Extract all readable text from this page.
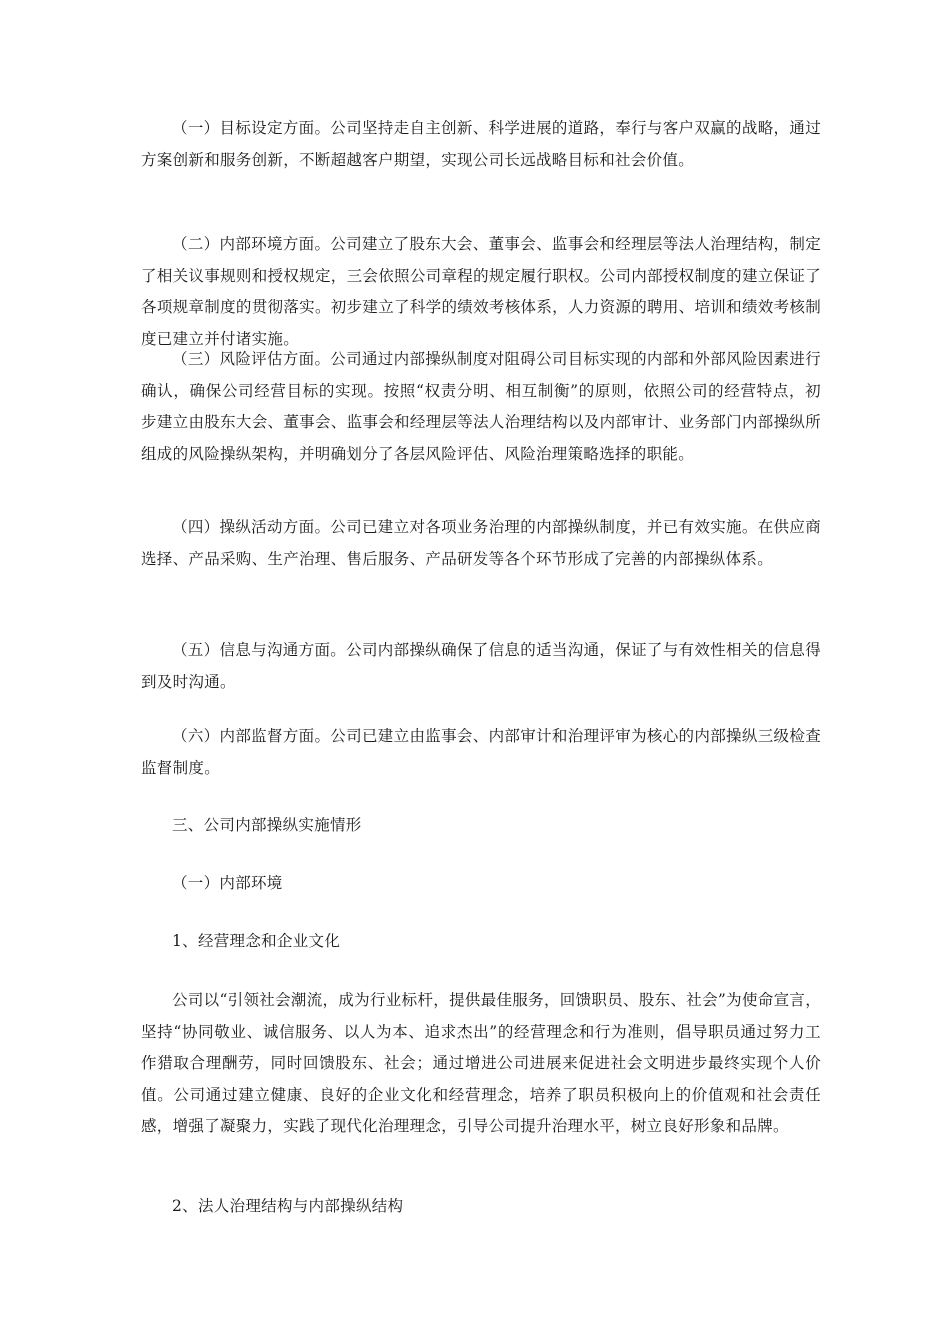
（一）目标设定方面。公司坚持走自主创新、科学进展的道路，奉行与客户双赢的战略，通过方案创新和服务创新，不断超越客户期望，实现公司长远战略目标和社会价值。

（二）内部环境方面。公司建立了股东大会、董事会、监事会和经理层等法人治理结构，制定了相关议事规则和授权规定，三会依照公司章程的规定履行职权。公司内部授权制度的建立保证了各项规章制度的贯彻落实。初步建立了科学的绩效考核体系，人力资源的聘用、培训和绩效考核制度已建立并付诸实施。

（三）风险评估方面。公司通过内部操纵制度对阻碍公司目标实现的内部和外部风险因素进行确认，确保公司经营目标的实现。按照“权责分明、相互制衡”的原则，依照公司的经营特点，初步建立由股东大会、董事会、监事会和经理层等法人治理结构以及内部审计、业务部门内部操纵所组成的风险操纵架构，并明确划分了各层风险评估、风险治理策略选择的职能。

（四）操纵活动方面。公司已建立对各项业务治理的内部操纵制度，并已有效实施。在供应商选择、产品采购、生产治理、售后服务、产品研发等各个环节形成了完善的内部操纵体系。

（五）信息与沟通方面。公司内部操纵确保了信息的适当沟通，保证了与有效性相关的信息得到及时沟通。

（六）内部监督方面。公司已建立由监事会、内部审计和治理评审为核心的内部操纵三级检查监督制度。

三、公司内部操纵实施情形

（一）内部环境

1、经营理念和企业文化

公司以“引领社会潮流，成为行业标杆，提供最佳服务，回馈职员、股东、社会”为使命宣言，坚持“协同敬业、诚信服务、以人为本、追求杰出”的经营理念和行为准则，倡导职员通过努力工作猎取合理酬劳，同时回馈股东、社会；通过增进公司进展来促进社会文明进步最终实现个人价值。公司通过建立健康、良好的企业文化和经营理念，培养了职员积极向上的价值观和社会责任感，增强了凝聚力，实践了现代化治理理念，引导公司提升治理水平，树立良好形象和品牌。

2、法人治理结构与内部操纵结构
